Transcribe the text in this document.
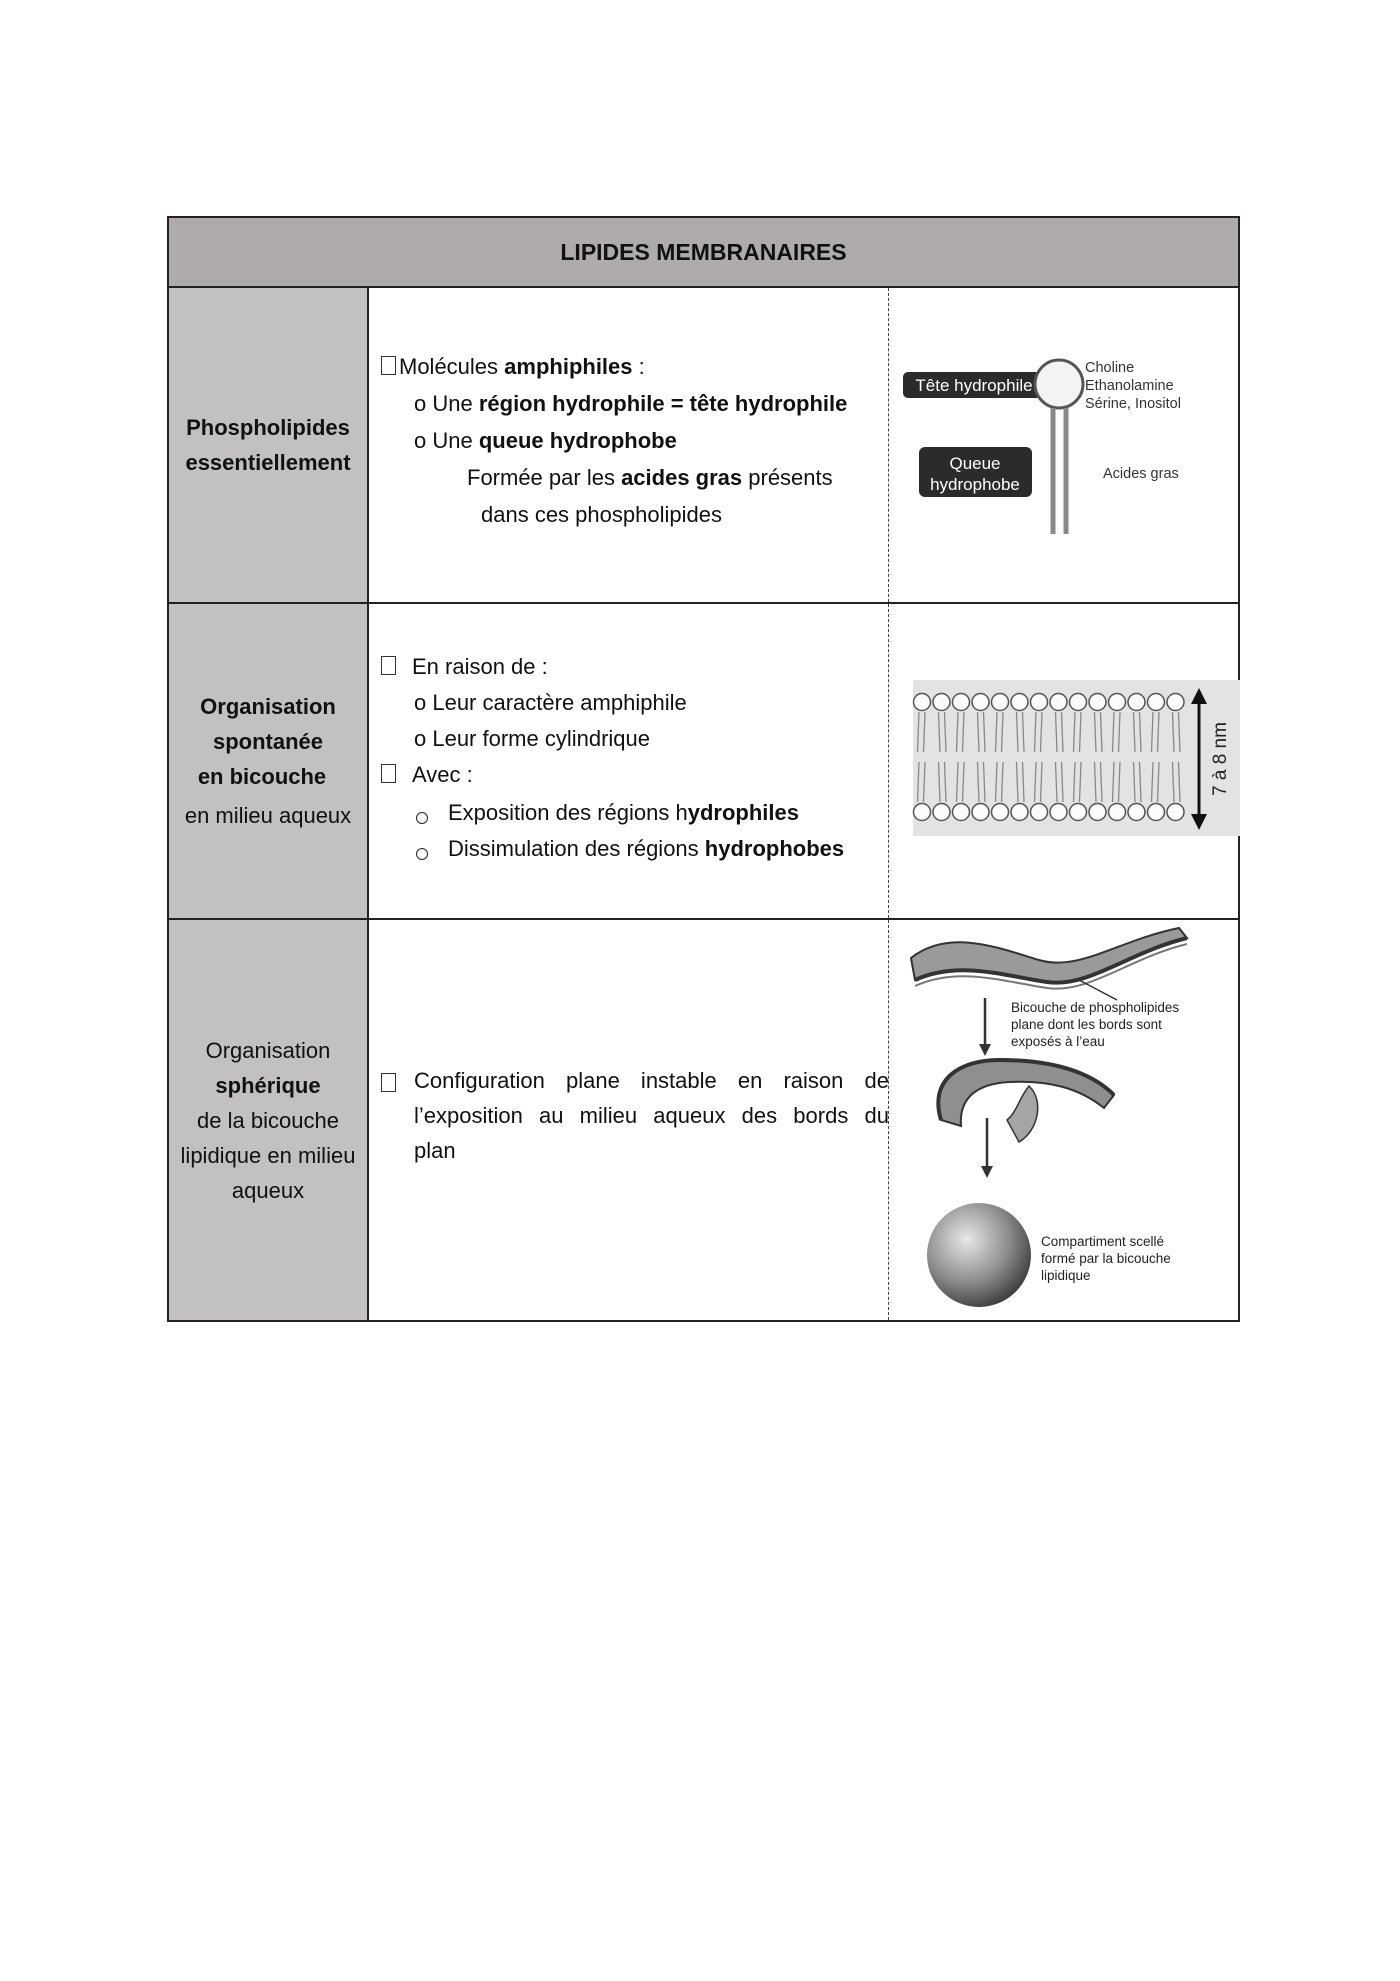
LIPIDES MEMBRANAIRES
Phospholipides
essentiellement
Molécules amphiphiles :
o Une région hydrophile = tête hydrophile
o Une queue hydrophobe
Formée par les acides gras présents
dans ces phospholipides
Tête hydrophile
Queue
hydrophobe
Choline
Ethanolamine
Sérine, Inositol
Acides gras
Organisation
spontanée
en bicouche
en milieu aqueux
En raison de :
o Leur caractère amphiphile
o Leur forme cylindrique
Avec :
Exposition des régions hydrophiles
Dissimulation des régions hydrophobes
7 à 8 nm
Organisation
sphérique
de la bicouche
lipidique en milieu
aqueux
Configuration plane instable en raison de
l’exposition au milieu aqueux des bords du
plan
Bicouche de phospholipides
plane dont les bords sont
exposés à l’eau
Compartiment scellé
formé par la bicouche
lipidique
